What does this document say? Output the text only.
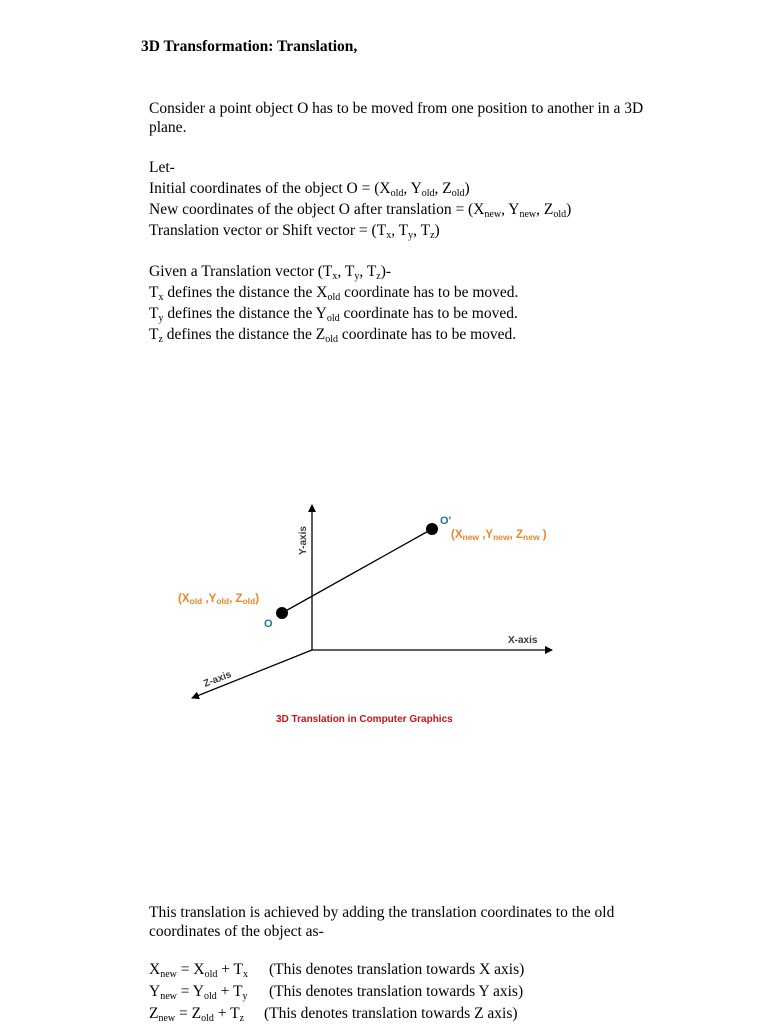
3D Transformation: Translation,
Consider a point object O has to be moved from one position to another in a 3D plane.
Let-
Initial coordinates of the object $O = (X_{old}$, $Y_{old}$, $Z_{old}$)
New coordinates of the object O after translation = ($X_{new}$, $Y_{new}$, $Z_{old}$)
Translation vector or Shift vector = ($T_x$, $T_y$, $T_z$)
Given a Translation vector ($T_x$, $T_y$, $T_z)-$
$T_x$ defines the distance the $X_{old}$ coordinate has to be moved.
$T_y$ defines the distance the $Y_{old}$ coordinate has to be moved.
$T_z$ defines the distance the $Z_{old}$ coordinate has to be moved.
Y-axis
X-axis
Z-axis
O
O'
(Xold ,Yold, Zold)
(Xnew ,Ynew, Znew )
3D Translation in Computer Graphics
This translation is achieved by adding the translation coordinates to the old coordinates of the object as-
$X_{new} = X_{old} + T_x$ (This denotes translation towards X axis)
$Y_{new} = Y_{old} + T_y$ (This denotes translation towards Y axis)
$Z_{new} = Z_{old} + T_z$ (This denotes translation towards Z axis)
